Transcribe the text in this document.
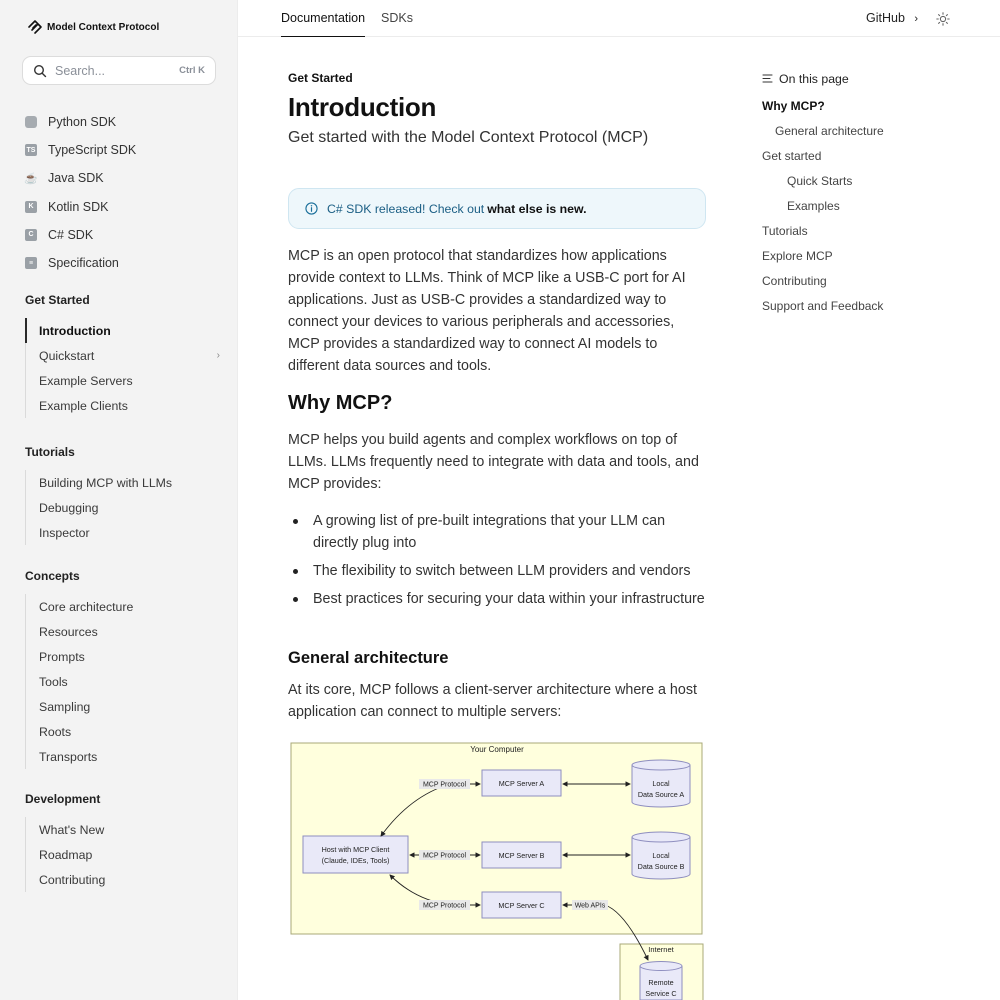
Model Context Protocol
Search...	Ctrl K
Python SDK
TS TypeScript SDK
☕ Java SDK
K Kotlin SDK
C C# SDK
≡	Specification
Get Started
Introduction
Quickstart	›
Example Servers
Example Clients
Tutorials
Building MCP with LLMs
Debugging
Inspector
Concepts
Core architecture
Resources
Prompts
Tools
Sampling
Roots
Transports
Development
What's New
Roadmap
Contributing
Documentation SDKs	GitHub ›
Get Started
Introduction
Get started with the Model Context Protocol (MCP)
C# SDK released! Check out what else is new.
MCP is an open protocol that standardizes how applications provide context to LLMs. Think of MCP like a USB-C port for AI applications. Just as USB-C provides a standardized way to connect your devices to various peripherals and accessories, MCP provides a standardized way to connect AI models to different data sources and tools.
Why MCP?
MCP helps you build agents and complex workflows on top of LLMs. LLMs frequently need to integrate with data and tools, and MCP provides:
A growing list of pre-built integrations that your LLM can directly plug into
The flexibility to switch between LLM providers and vendors
Best practices for securing your data within your infrastructure
General architecture
At its core, MCP follows a client-server architecture where a host application can connect to multiple servers:
Your Computer
Internet
Host with MCP Client
(Claude, IDEs, Tools)
MCP Server A
MCP Server B
MCP Server C
Local
Data Source A
Local
Data Source B
Remote
Service C
MCP Protocol
MCP Protocol
MCP Protocol	Web APIs
On this page
Why MCP?
General architecture
Get started
Quick Starts
Examples
Tutorials
Explore MCP
Contributing
Support and Feedback
